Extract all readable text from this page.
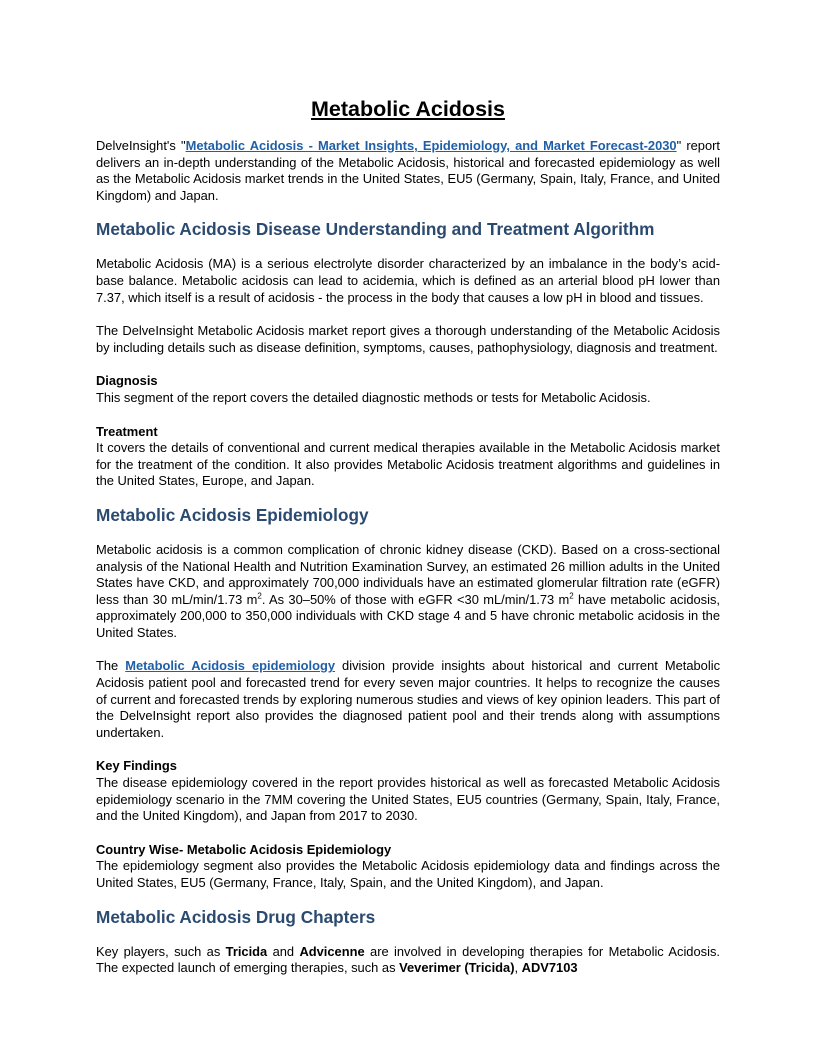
Metabolic Acidosis

DelveInsight's "Metabolic Acidosis - Market Insights, Epidemiology, and Market Forecast-2030" report delivers an in-depth understanding of the Metabolic Acidosis, historical and forecasted epidemiology as well as the Metabolic Acidosis market trends in the United States, EU5 (Germany, Spain, Italy, France, and United Kingdom) and Japan.

Metabolic Acidosis Disease Understanding and Treatment Algorithm

Metabolic Acidosis (MA) is a serious electrolyte disorder characterized by an imbalance in the body’s acid-base balance. Metabolic acidosis can lead to acidemia, which is defined as an arterial blood pH lower than 7.37, which itself is a result of acidosis - the process in the body that causes a low pH in blood and tissues.

The DelveInsight Metabolic Acidosis market report gives a thorough understanding of the Metabolic Acidosis by including details such as disease definition, symptoms, causes, pathophysiology, diagnosis and treatment.

Diagnosis

This segment of the report covers the detailed diagnostic methods or tests for Metabolic Acidosis.

Treatment

It covers the details of conventional and current medical therapies available in the Metabolic Acidosis market for the treatment of the condition. It also provides Metabolic Acidosis treatment algorithms and guidelines in the United States, Europe, and Japan.

Metabolic Acidosis Epidemiology

Metabolic acidosis is a common complication of chronic kidney disease (CKD). Based on a cross-sectional analysis of the National Health and Nutrition Examination Survey, an estimated 26 million adults in the United States have CKD, and approximately 700,000 individuals have an estimated glomerular filtration rate (eGFR) less than 30 mL/min/1.73 $m^2$. As 30–50% of those with eGFR <30 mL/min/1.73 $m^2$ have metabolic acidosis, approximately 200,000 to 350,000 individuals with CKD stage 4 and 5 have chronic metabolic acidosis in the United States.

The Metabolic Acidosis epidemiology division provide insights about historical and current Metabolic Acidosis patient pool and forecasted trend for every seven major countries. It helps to recognize the causes of current and forecasted trends by exploring numerous studies and views of key opinion leaders. This part of the DelveInsight report also provides the diagnosed patient pool and their trends along with assumptions undertaken.

Key Findings

The disease epidemiology covered in the report provides historical as well as forecasted Metabolic Acidosis epidemiology scenario in the 7MM covering the United States, EU5 countries (Germany, Spain, Italy, France, and the United Kingdom), and Japan from 2017 to 2030.

Country Wise- Metabolic Acidosis Epidemiology

The epidemiology segment also provides the Metabolic Acidosis epidemiology data and findings across the United States, EU5 (Germany, France, Italy, Spain, and the United Kingdom), and Japan.

Metabolic Acidosis Drug Chapters

Key players, such as Tricida and Advicenne are involved in developing therapies for Metabolic Acidosis. The expected launch of emerging therapies, such as Veverimer (Tricida), ADV7103
